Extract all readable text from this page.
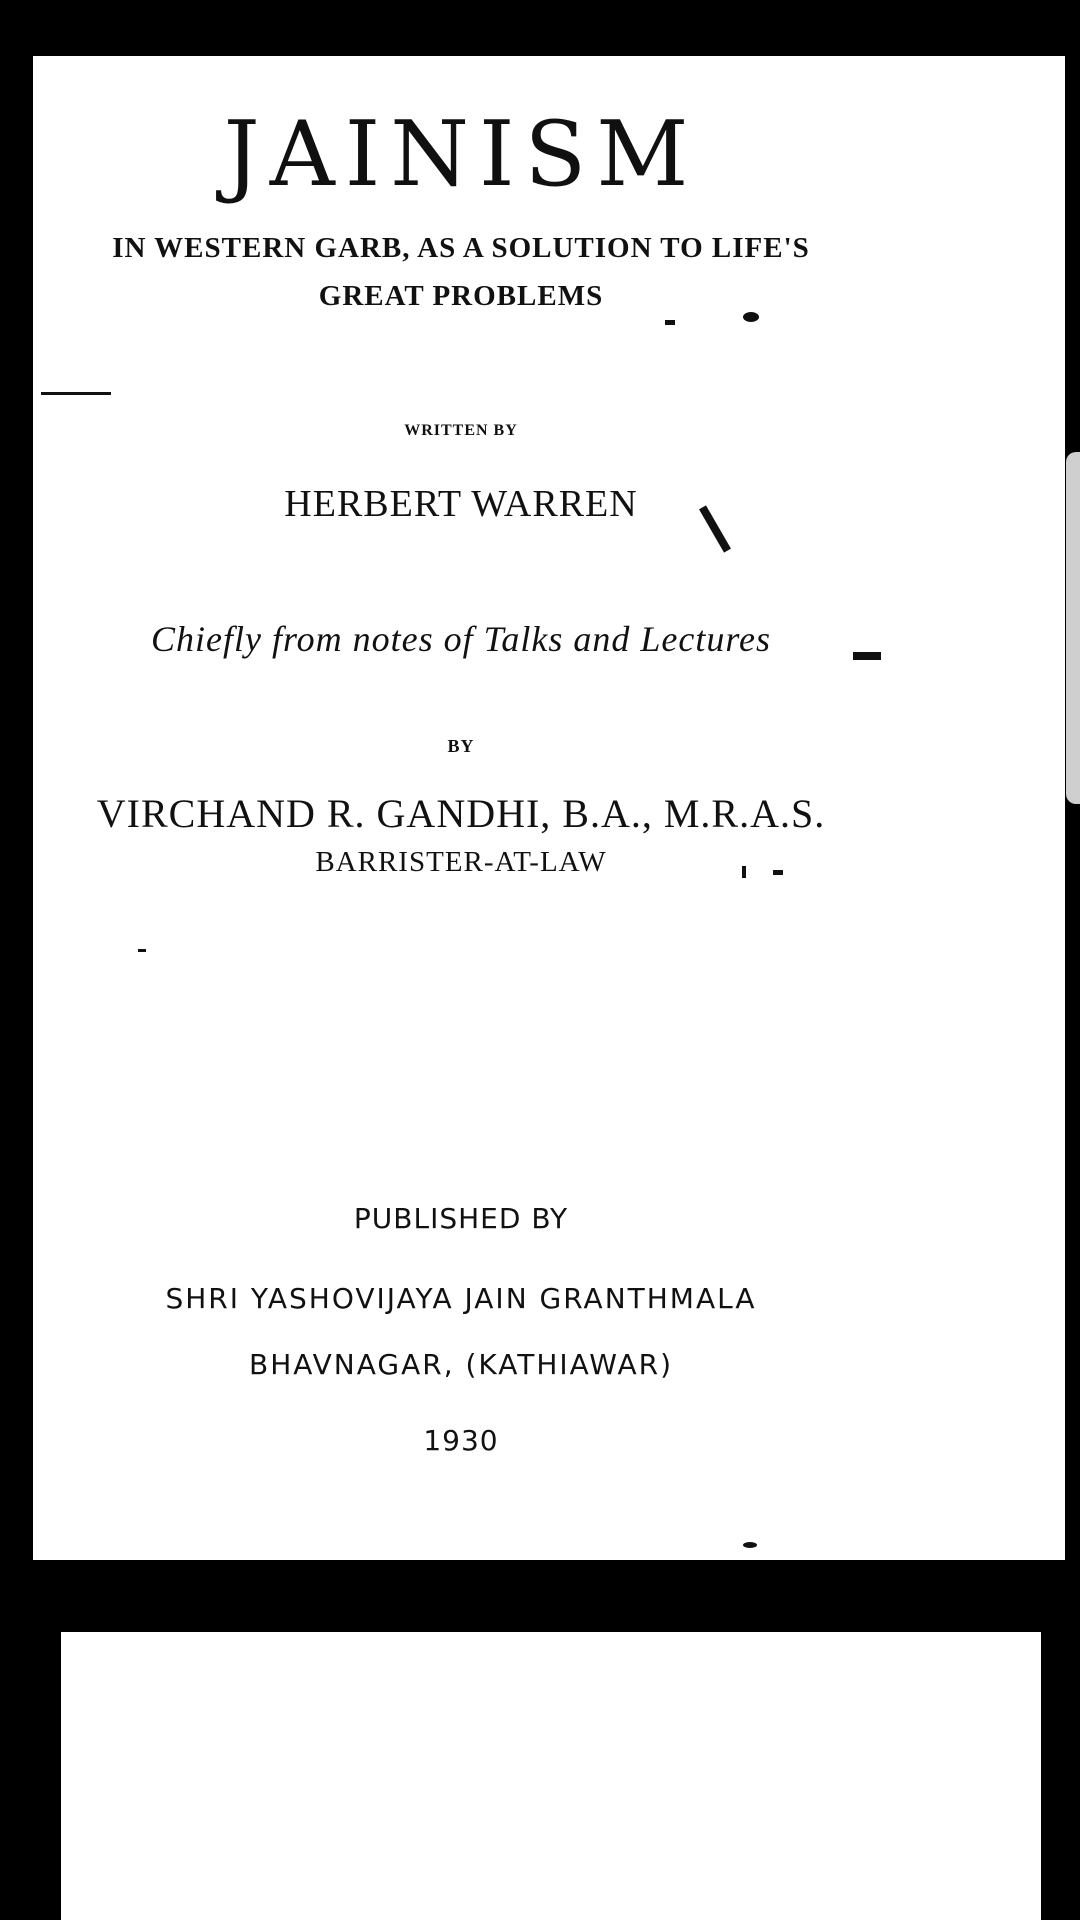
JAINISM
IN WESTERN GARB, AS A SOLUTION TO LIFE'S
GREAT PROBLEMS
WRITTEN BY
HERBERT WARREN
Chiefly from notes of Talks and Lectures
BY
VIRCHAND R. GANDHI, B.A., M.R.A.S.
BARRISTER-AT-LAW
PUBLISHED BY
SHRI YASHOVIJAYA JAIN GRANTHMALA
BHAVNAGAR, (KATHIAWAR)
1930
